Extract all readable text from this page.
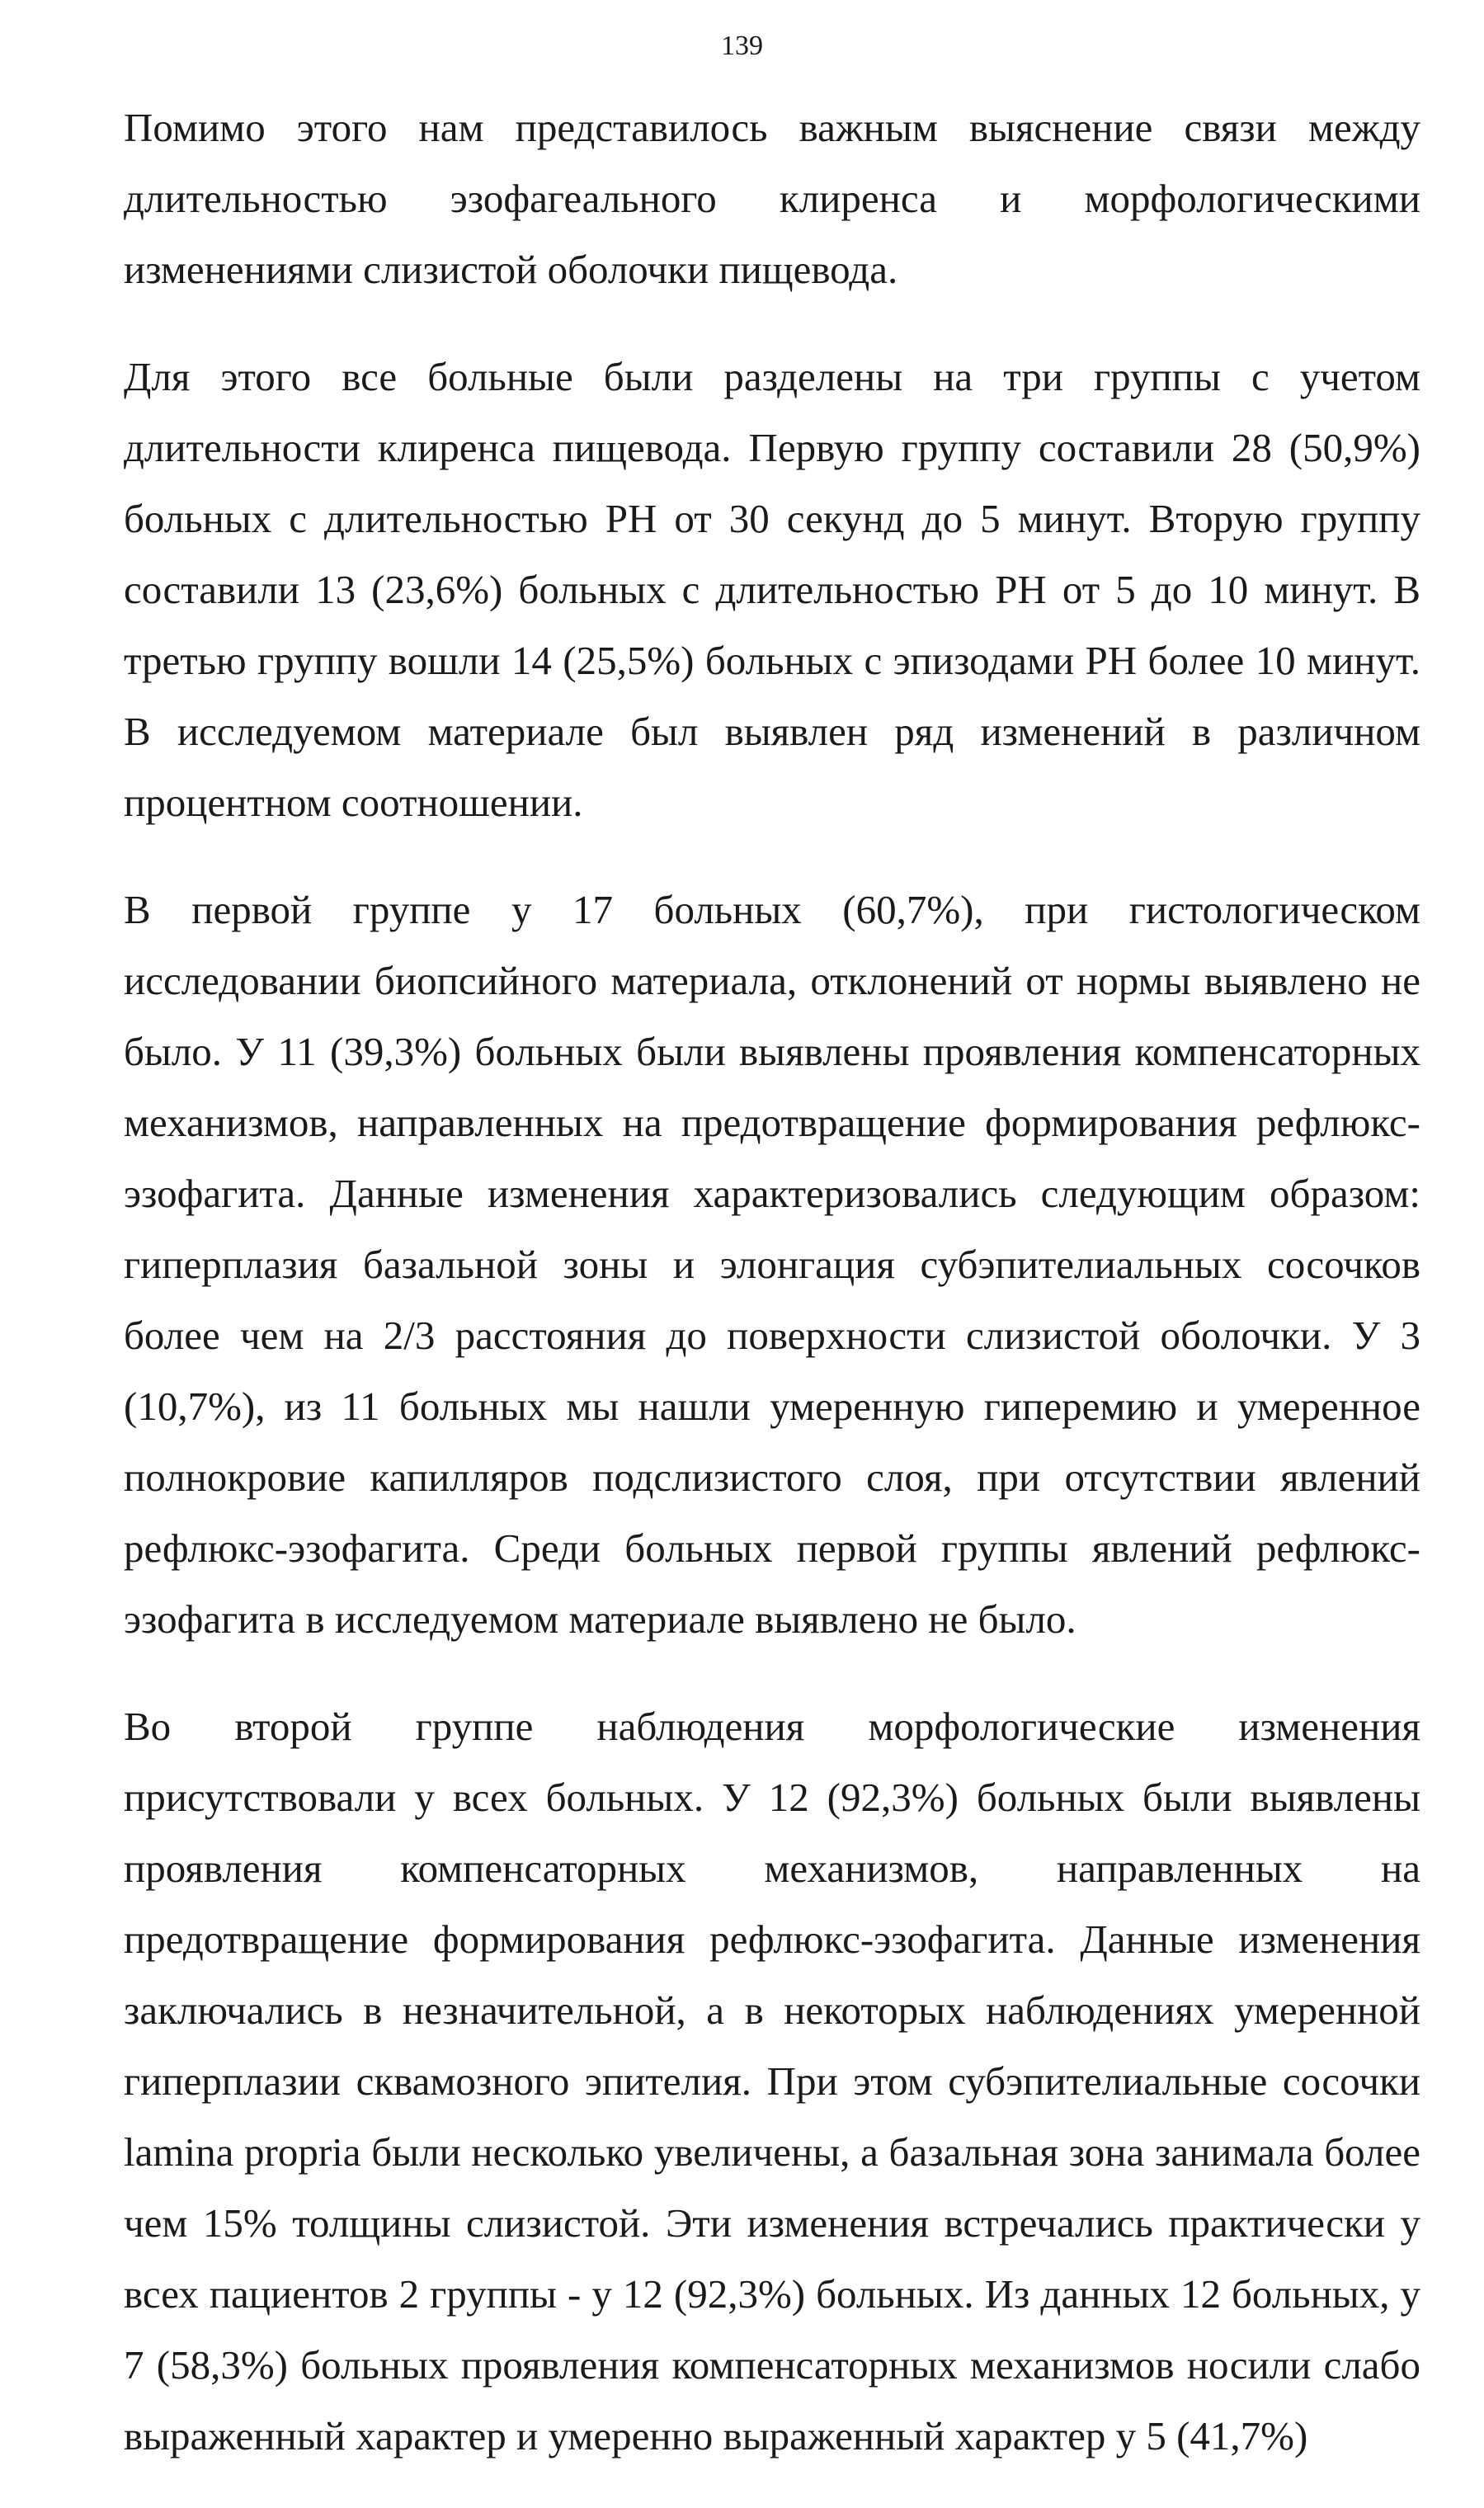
139

Помимо этого нам представилось важным выяснение связи между длительностью эзофагеального клиренса и морфологическими изменениями слизистой оболочки пищевода.

Для этого все больные были разделены на три группы с учетом длительности клиренса пищевода. Первую группу составили 28 (50,9%) больных с длительностью РН от 30 секунд до 5 минут. Вторую группу составили 13 (23,6%) больных с длительностью РН от 5 до 10 минут. В третью группу вошли 14 (25,5%) больных с эпизодами РН более 10 минут. В исследуемом материале был выявлен ряд изменений в различном процентном соотношении.

В первой группе у 17 больных (60,7%), при гистологическом исследовании биопсийного материала, отклонений от нормы выявлено не было. У 11 (39,3%) больных были выявлены проявления компенсаторных механизмов, направленных на предотвращение формирования рефлюкс-эзофагита. Данные изменения характеризовались следующим образом: гиперплазия базальной зоны и элонгация субэпителиальных сосочков более чем на 2/3 расстояния до поверхности слизистой оболочки. У 3 (10,7%), из 11 больных мы нашли умеренную гиперемию и умеренное полнокровие капилляров подслизистого слоя, при отсутствии явлений рефлюкс-эзофагита. Среди больных первой группы явлений рефлюкс-эзофагита в исследуемом материале выявлено не было.

Во второй группе наблюдения морфологические изменения присутствовали у всех больных. У 12 (92,3%) больных были выявлены проявления компенсаторных механизмов, направленных на предотвращение формирования рефлюкс-эзофагита. Данные изменения заключались в незначительной, а в некоторых наблюдениях умеренной гиперплазии сквамозного эпителия. При этом субэпителиальные сосочки lamina proprіa были несколько увеличены, а базальная зона занимала более чем 15% толщины слизистой. Эти изменения встречались практически у всех пациентов 2 группы - у 12 (92,3%) больных. Из данных 12 больных, у 7 (58,3%) больных проявления компенсаторных механизмов носили слабо выраженный характер и умеренно выраженный характер у 5 (41,7%)
